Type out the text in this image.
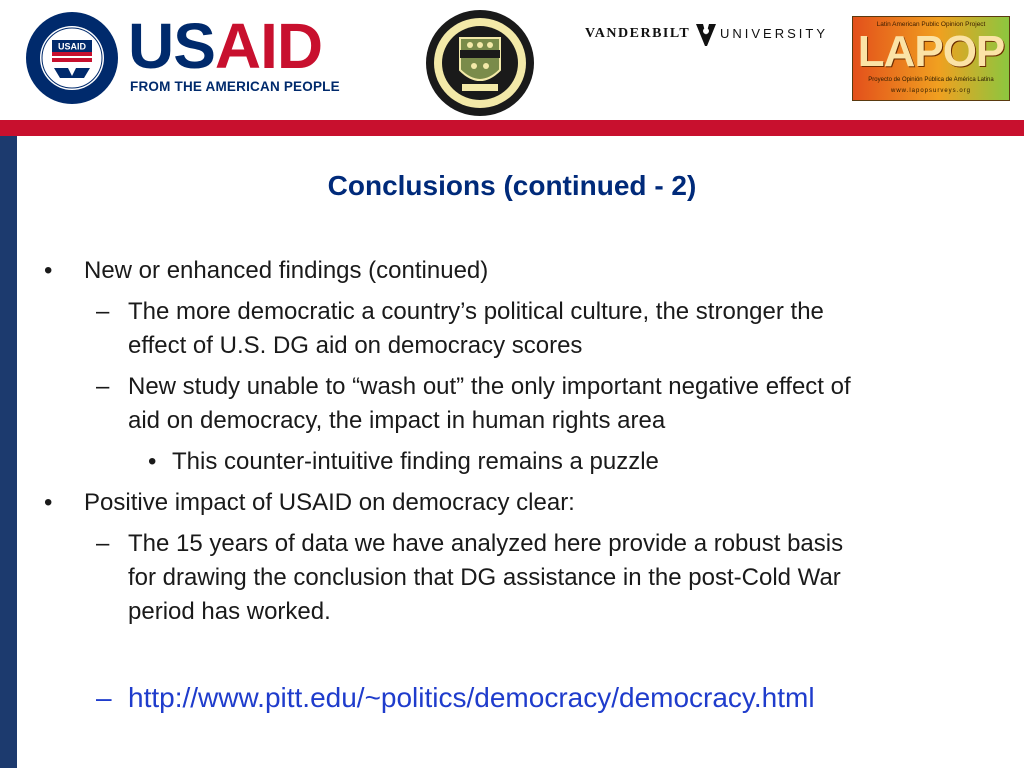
USAID USAID
FROM THE AMERICAN PEOPLE
VANDERBILT UNIVERSITY
Latin American Public Opinion Project
LAPOP
Proyecto de Opinión Pública de América Latina
www.lapopsurveys.org
Conclusions (continued - 2)
• New or enhanced findings (continued)
– The more democratic a country’s political culture, the stronger the
effect of U.S. DG aid on democracy scores
– New study unable to “wash out” the only important negative effect of
aid on democracy, the impact in human rights area
• This counter-intuitive finding remains a puzzle
• Positive impact of USAID on democracy clear:
– The 15 years of data we have analyzed here provide a robust basis
for drawing the conclusion that DG assistance in the post-Cold War
period has worked.
– http://www.pitt.edu/~politics/democracy/democracy.html
